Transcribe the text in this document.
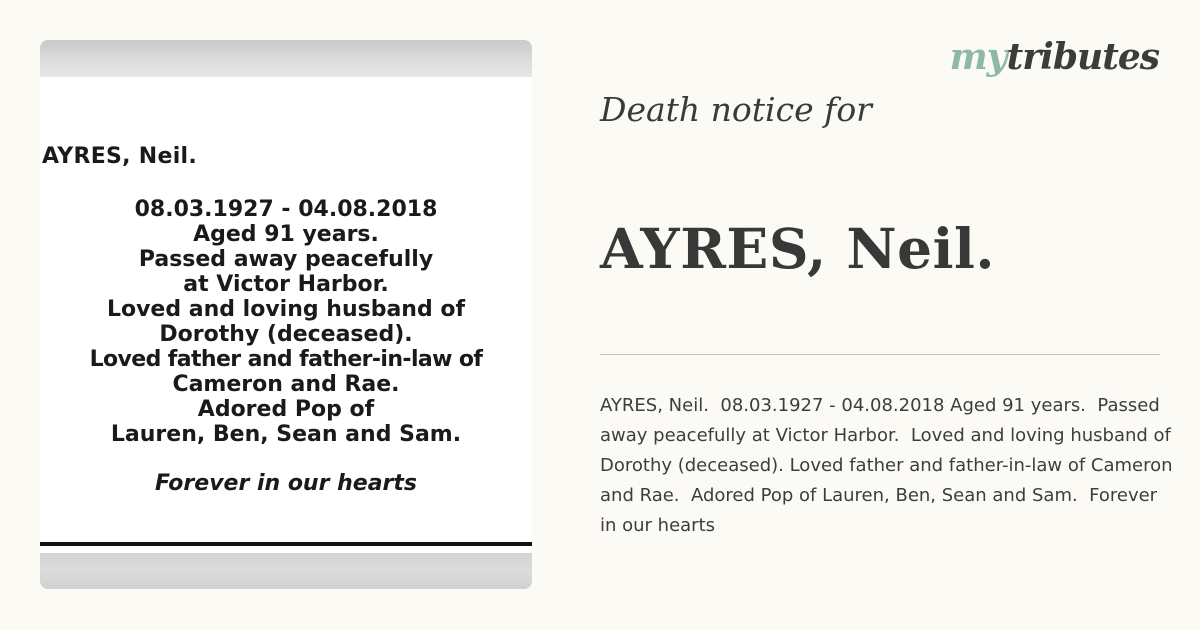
AYRES, Neil.
08.03.1927 - 04.08.2018
Aged 91 years.
Passed away peacefully
at Victor Harbor.
Loved and loving husband of
Dorothy (deceased).
Loved father and father-in-law of
Cameron and Rae.
Adored Pop of
Lauren, Ben, Sean and Sam.
Forever in our hearts
mytributes
Death notice for
AYRES, Neil.
AYRES, Neil.  08.03.1927 - 04.08.2018 Aged 91 years.  Passed away peacefully at Victor Harbor.  Loved and loving husband of Dorothy (deceased). Loved father and father-in-law of Cameron and Rae.  Adored Pop of Lauren, Ben, Sean and Sam.  Forever in our hearts
